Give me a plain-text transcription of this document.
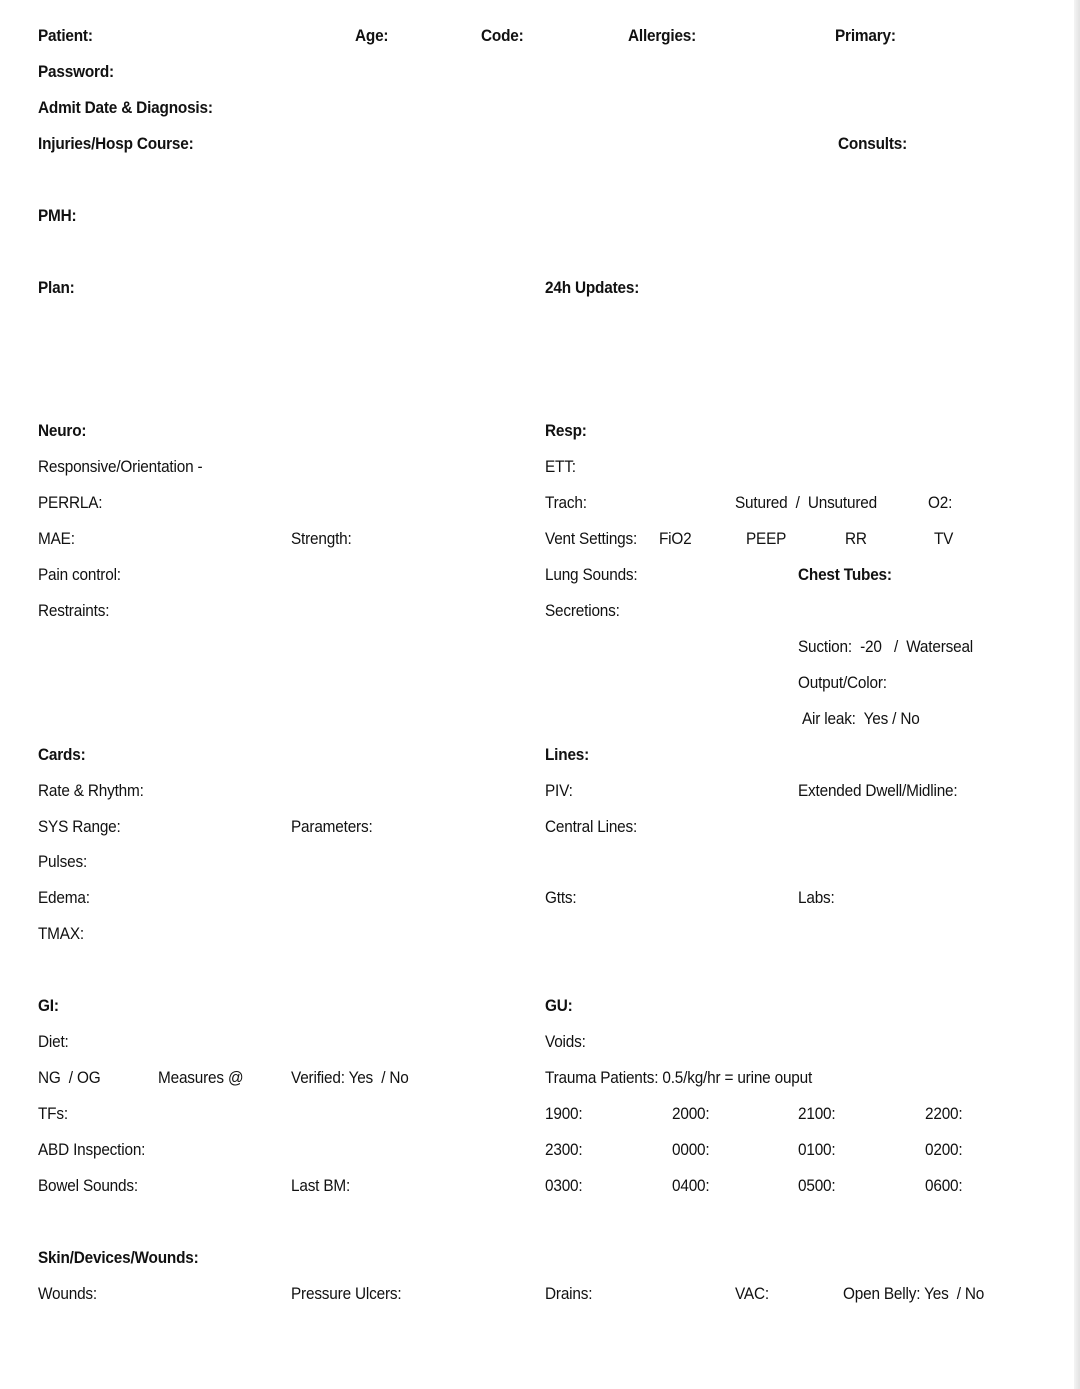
Patient:	Age:	Code:	Allergies:	Primary:
Password:
Admit Date & Diagnosis:
Injuries/Hosp Course:	Consults:
PMH:
Plan:	24h Updates:
Neuro:
Responsive/Orientation -
PERRLA:
MAE:	Strength:
Pain control:
Restraints:
Resp:
ETT:
Trach:	Sutured  /  Unsutured	O2:
Vent Settings: FiO2	PEEP	RR	TV
Lung Sounds:	Chest Tubes:
Secretions:
Suction:  -20   /  Waterseal
Output/Color:
Air leak:  Yes / No
Cards:
Rate & Rhythm:
SYS Range:	Parameters:
Pulses:
Edema:
TMAX:
Lines:
PIV:	Extended Dwell/Midline:
Central Lines:
Gtts:	Labs:
GI:
Diet:
NG  / OG	Measures @	Verified: Yes  / No
TFs:
ABD Inspection:
Bowel Sounds:	Last BM:
GU:
Voids:
Trauma Patients: 0.5/kg/hr = urine ouput
1900:	2000:	2100:	2200:
2300:	0000:	0100:	0200:
0300:	0400:	0500:	0600:
Skin/Devices/Wounds:
Wounds:	Pressure Ulcers:	Drains:	VAC:	Open Belly: Yes  / No
